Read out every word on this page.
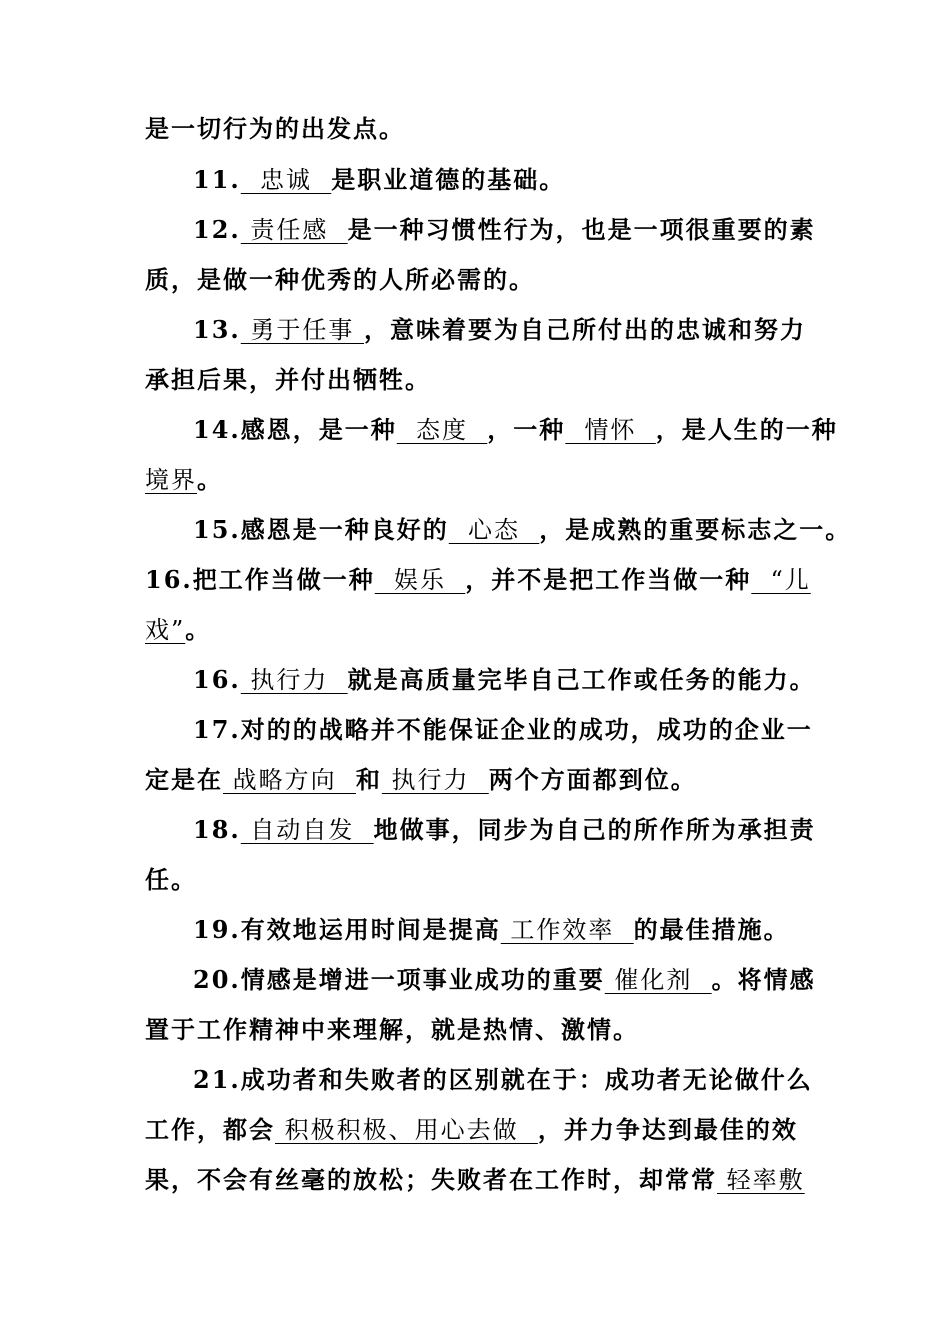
是一切行为的出发点。
11.  忠诚  是职业道德的基础。
12. 责任感  是一种习惯性行为，也是一项很重要的素
质，是做一种优秀的人所必需的。
13. 勇于任事 ，意味着要为自己所付出的忠诚和努力
承担后果，并付出牺牲。
14.感恩，是一种  态度  ，一种  情怀  ，是人生的一种
境界。
15.感恩是一种良好的  心态  ，是成熟的重要标志之一。
16.把工作当做一种  娱乐  ，并不是把工作当做一种  “儿
戏”。
16. 执行力  就是高质量完毕自己工作或任务的能力。
17.对的的战略并不能保证企业的成功，成功的企业一
定是在 战略方向  和 执行力  两个方面都到位。
18. 自动自发  地做事，同步为自己的所作所为承担责
任。
19.有效地运用时间是提高 工作效率  的最佳措施。
20.情感是增进一项事业成功的重要 催化剂  。将情感
置于工作精神中来理解，就是热情、激情。
21.成功者和失败者的区别就在于：成功者无论做什么
工作，都会 积极积极、用心去做  ，并力争达到最佳的效
果，不会有丝毫的放松；失败者在工作时，却常常 轻率敷
